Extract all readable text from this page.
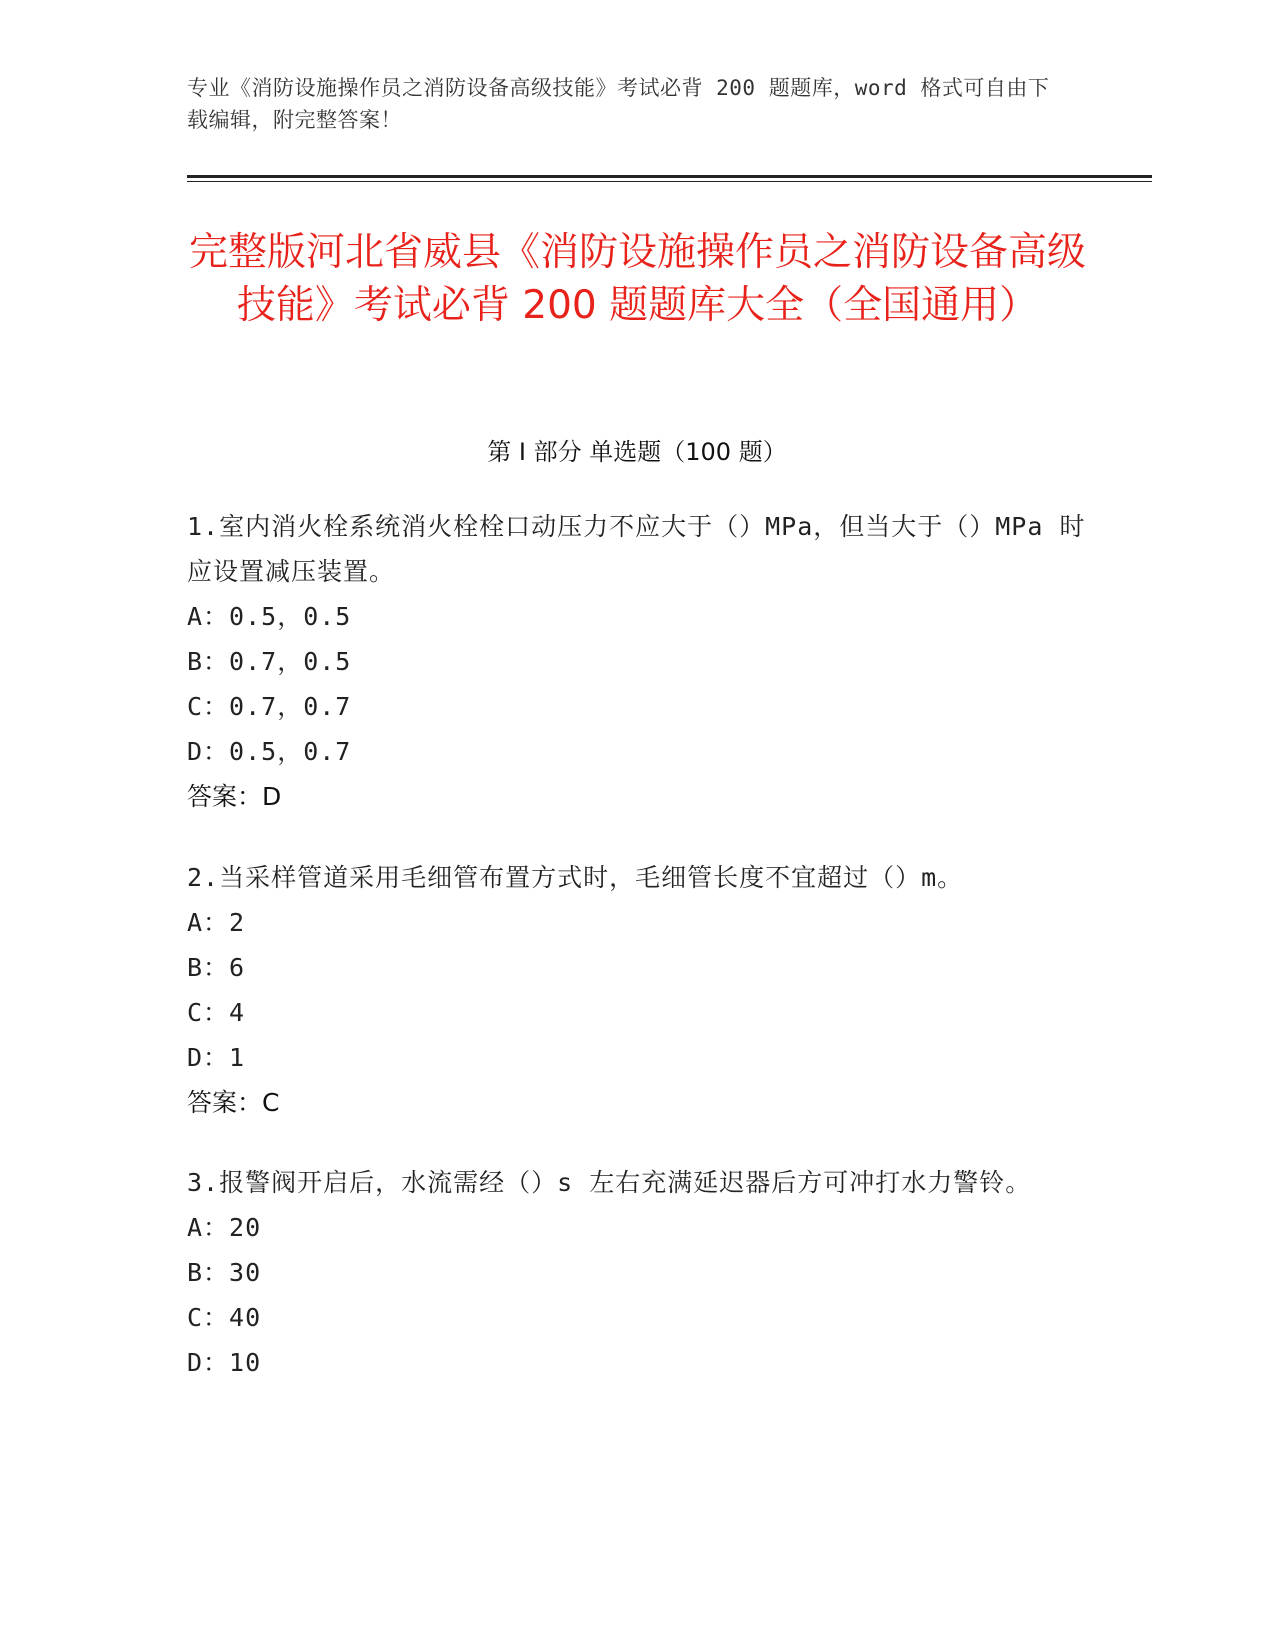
专业《消防设施操作员之消防设备高级技能》考试必背 200 题题库，word 格式可自由下载编辑，附完整答案！
完整版河北省威县《消防设施操作员之消防设备高级技能》考试必背 200 题题库大全（全国通用）
第 I 部分 单选题（100 题）

1.室内消火栓系统消火栓栓口动压力不应大于（）MPa，但当大于（）MPa 时应设置减压装置。

A：0.5，0.5

B：0.7，0.5

C：0.7，0.7

D：0.5，0.7

答案：D

2.当采样管道采用毛细管布置方式时，毛细管长度不宜超过（）m。

A：2

B：6

C：4

D：1

答案：C

3.报警阀开启后，水流需经（）s 左右充满延迟器后方可冲打水力警铃。

A：20

B：30

C：40

D：10
